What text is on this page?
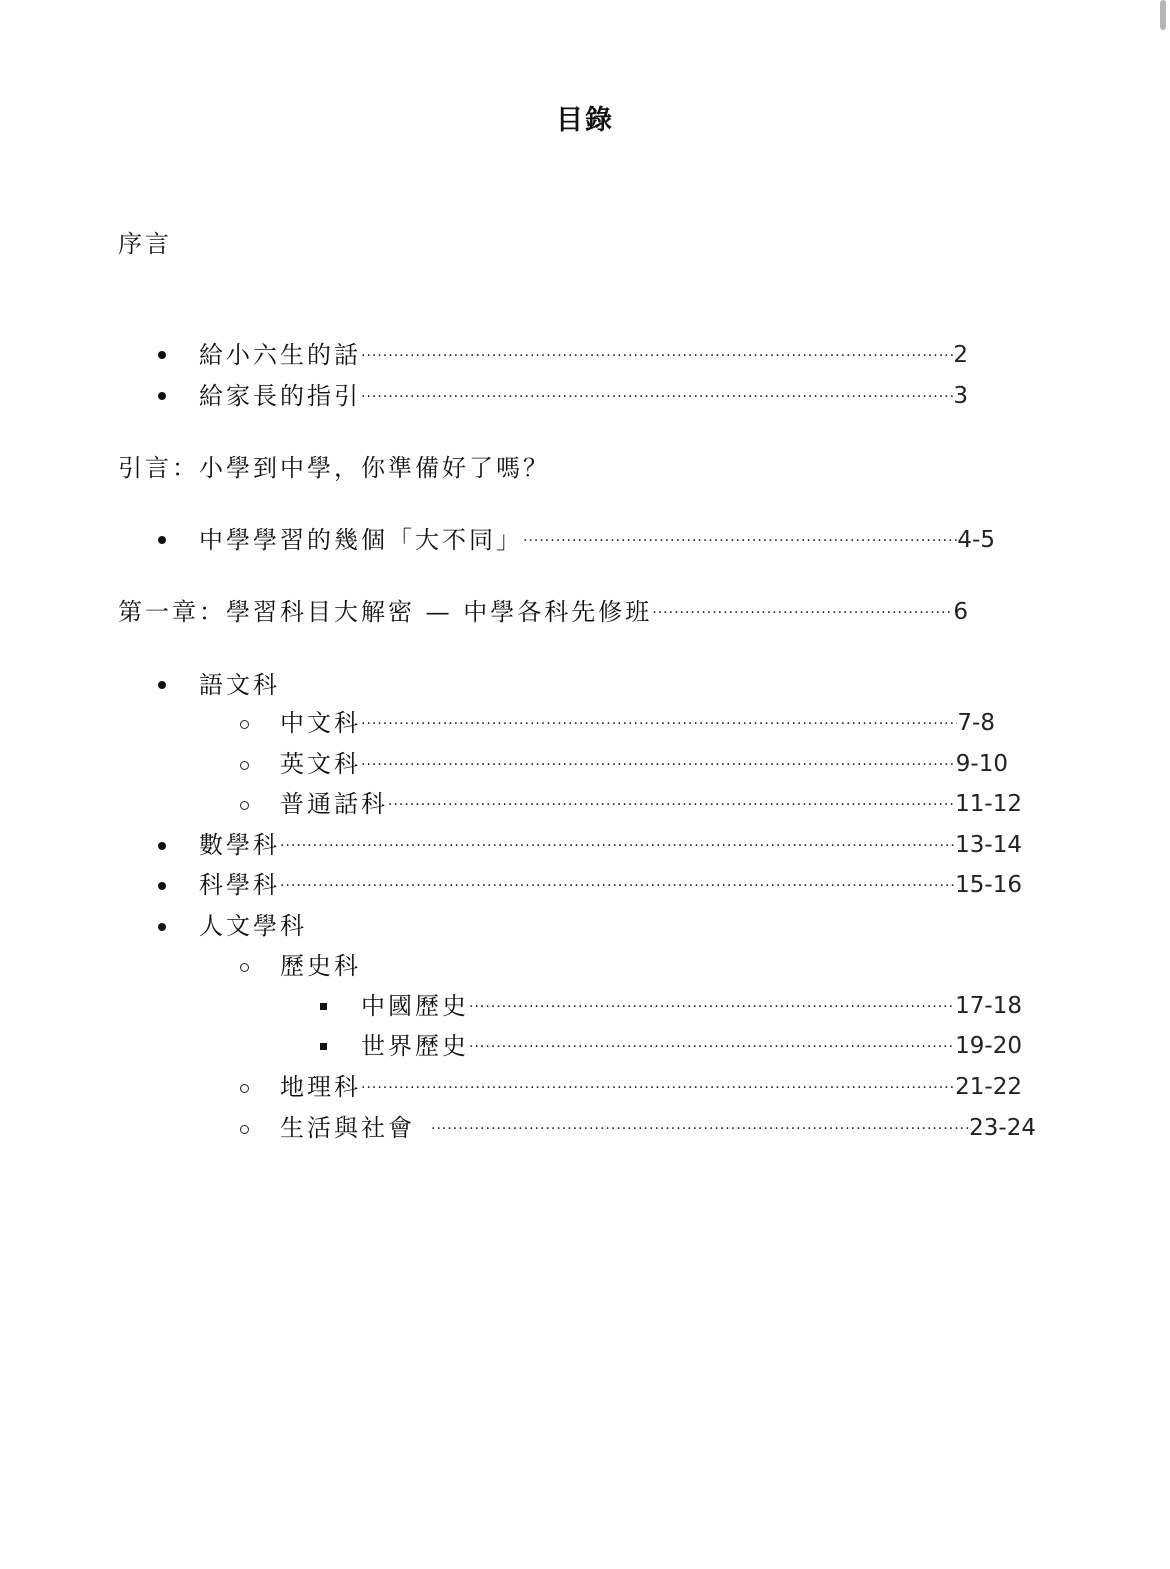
目錄
序言
給小六生的話 ·····	2
給家長的指引 ·····	3
引言：小學到中學，你準備好了嗎？
中學學習的幾個「大不同」 ·····	4-5
第一章：學習科目大解密 — 中學各科先修班 ·····	6
語文科
中文科 ·····	7-8
英文科 ·····	9-10
普通話科 ·····	11-12
數學科 ·····	13-14
科學科 ·····	15-16
人文學科
歷史科
中國歷史 ·····	17-18
世界歷史 ·····	19-20
地理科 ·····	21-22
生活與社會 ·····	23-24
